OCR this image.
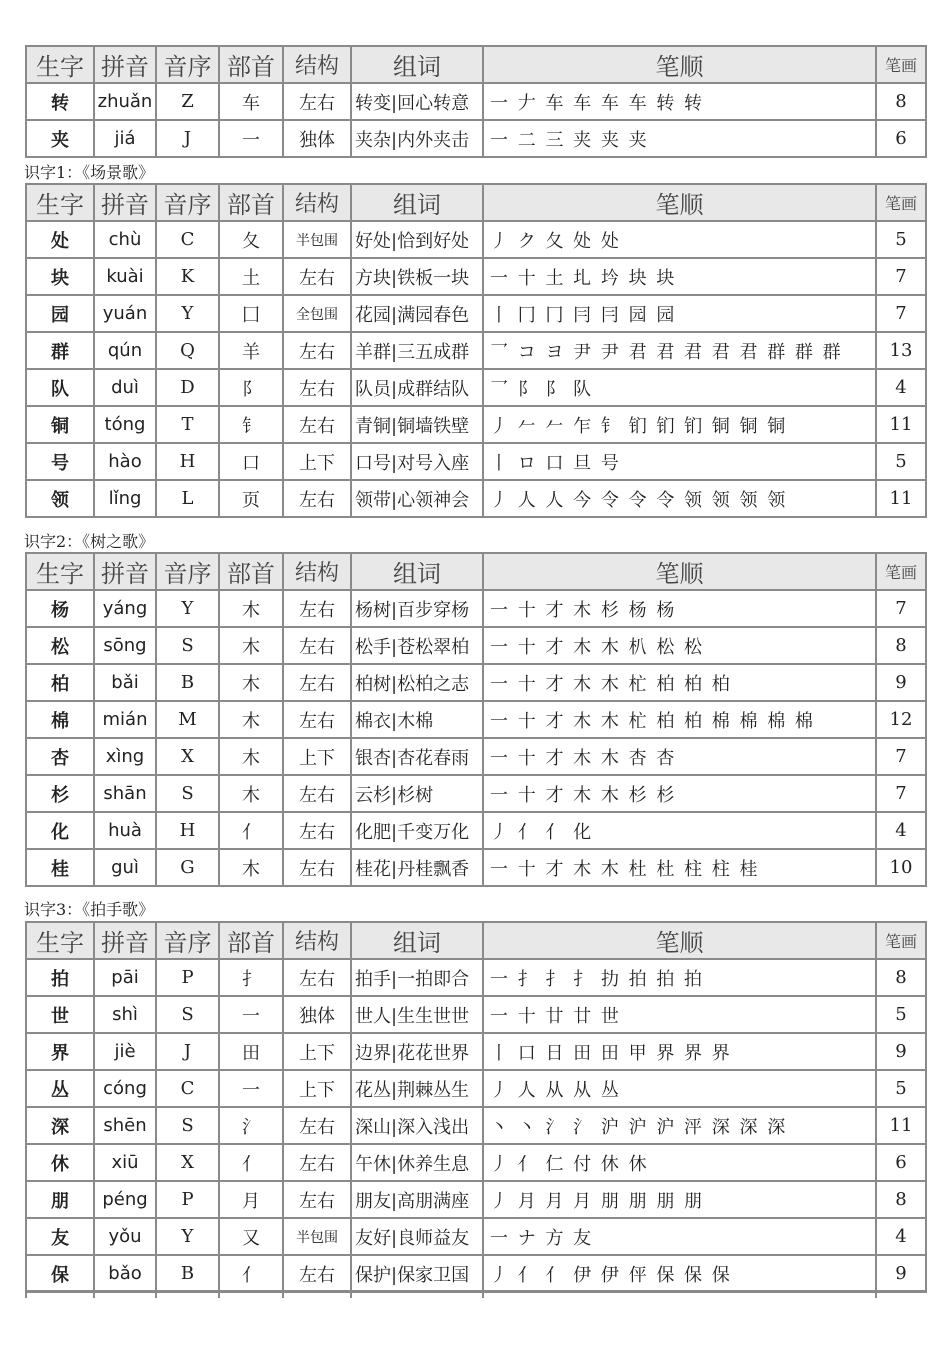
生字	拼音	音序	部首	结构	组词	笔顺	笔画
转	zhuǎn	Z	车	左右	转变|回心转意	一 𠂇 车 车 车 车 转 转	8
夹	jiá	J	一	独体	夹杂|内外夹击	一 二 三 夹 夹 夹	6
识字1：《场景歌》
生字	拼音	音序	部首	结构	组词	笔顺	笔画
处	chù	C	夂	半包围	好处|恰到好处	丿 ク 夂 处 处	5
块	kuài	K	土	左右	方块|铁板一块	一 十 土 圠 坅 块 块	7
园	yuán	Y	囗	全包围	花园|满园春色	丨 冂 冂 冃 冃 园 园	7
群	qún	Q	羊	左右	羊群|三五成群	乛 コ ヨ 尹 尹 君 君 君 君 君 群 群 群	13
队	duì	D	阝	左右	队员|成群结队	乛 阝 阝 队	4
铜	tóng	T	钅	左右	青铜|铜墙铁壁	丿 𠂉 𠂉 乍 钅 钔 钔 钔 铜 铜 铜	11
号	hào	H	口	上下	口号|对号入座	丨 ロ 口 旦 号	5
领	lǐng	L	页	左右	领带|心领神会	丿 人 人 今 令 令 令 领 领 领 领	11
识字2：《树之歌》
生字	拼音	音序	部首	结构	组词	笔顺	笔画
杨	yáng	Y	木	左右	杨树|百步穿杨	一 十 才 木 杉 杨 杨	7
松	sōng	S	木	左右	松手|苍松翠柏	一 十 才 木 木 朳 松 松	8
柏	bǎi	B	木	左右	柏树|松柏之志	一 十 才 木 木 杧 柏 柏 柏	9
棉	mián	M	木	左右	棉衣|木棉	一 十 才 木 木 杧 柏 柏 棉 棉 棉 棉	12
杏	xìng	X	木	上下	银杏|杏花春雨	一 十 才 木 木 杏 杏	7
杉	shān	S	木	左右	云杉|杉树	一 十 才 木 木 杉 杉	7
化	huà	H	亻	左右	化肥|千变万化	丿 亻 亻 化	4
桂	guì	G	木	左右	桂花|丹桂飘香	一 十 才 木 木 杜 杜 柱 柱 桂	10
识字3：《拍手歌》
生字	拼音	音序	部首	结构	组词	笔顺	笔画
拍	pāi	P	扌	左右	拍手|一拍即合	一 扌 扌 扌 扐 拍 拍 拍	8
世	shì	S	一	独体	世人|生生世世	一 十 廿 廿 世	5
界	jiè	J	田	上下	边界|花花世界	丨 口 日 田 田 甲 界 界 界	9
丛	cóng	C	一	上下	花丛|荆棘丛生	丿 人 从 从 丛	5
深	shēn	S	氵	左右	深山|深入浅出	丶 丶 氵 氵 沪 沪 沪 泙 深 深 深	11
休	xiū	X	亻	左右	午休|休养生息	丿 亻 仁 付 休 休	6
朋	péng	P	月	左右	朋友|高朋满座	丿 月 月 月 朋 朋 朋 朋	8
友	yǒu	Y	又	半包围	友好|良师益友	一 ナ 方 友	4
保	bǎo	B	亻	左右	保护|保家卫国	丿 亻 亻 伊 伊 伻 保 保 保	9
